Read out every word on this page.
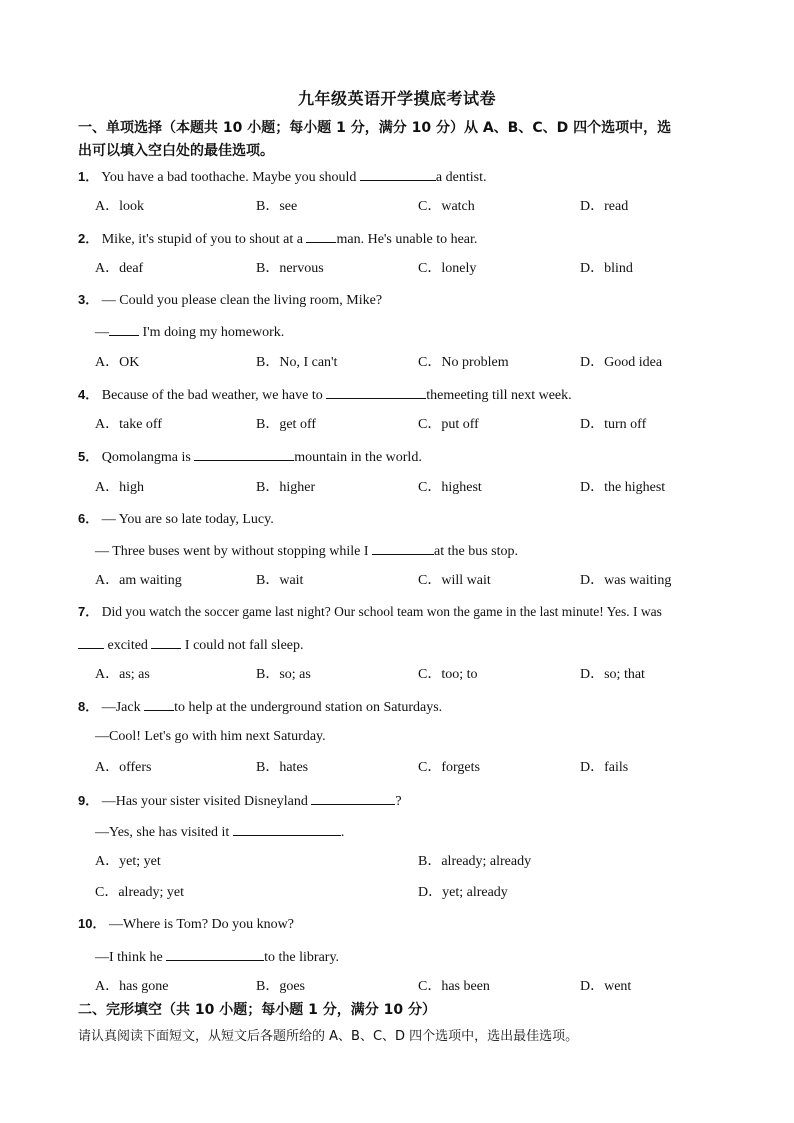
九年级英语开学摸底考试卷
一、单项选择（本题共 10 小题；每小题 1 分，满分 10 分）从 A、B、C、D 四个选项中，选
出可以填入空白处的最佳选项。
1． You have a bad toothache. Maybe you should	a dentist.
A．look	B．see	C．watch	D．read
2． Mike, it's stupid of you to shout at a man. He's unable to hear.
A．deaf	B．nervous	C．lonely	D．blind
3． — Could you please clean the living room, Mike?
— I'm doing my homework.
A．OK	B．No, I can't	C．No problem	D．Good idea
4． Because of the bad weather, we have to	themeeting till next week.
A．take off	B．get off	C．put off	D．turn off
5． Qomolangma is	mountain in the world.
A．high	B．higher	C．highest	D．the highest
6． — You are so late today, Lucy.
— Three buses went by without stopping while I	at the bus stop.
A．am waiting	B．wait	C．will wait	D．was waiting
7． Did you watch the soccer game last night? Our school team won the game in the last minute! Yes. I was
excited  I could not fall sleep.
A．as; as	B．so; as	C．too; to	D．so; that
8． —Jack to help at the underground station on Saturdays.
—Cool! Let's go with him next Saturday.
A．offers	B．hates	C．forgets	D．fails
9． —Has your sister visited Disneyland	?
—Yes, she has visited it	.
A．yet; yet	B．already; already
C．already; yet	D．yet; already
10． —Where is Tom? Do you know?
—I think he	to the library.
A．has gone	B．goes	C．has been	D．went
二、完形填空（共 10 小题；每小题 1 分，满分 10 分）
请认真阅读下面短文，从短文后各题所给的 A、B、C、D 四个选项中，选出最佳选项。
